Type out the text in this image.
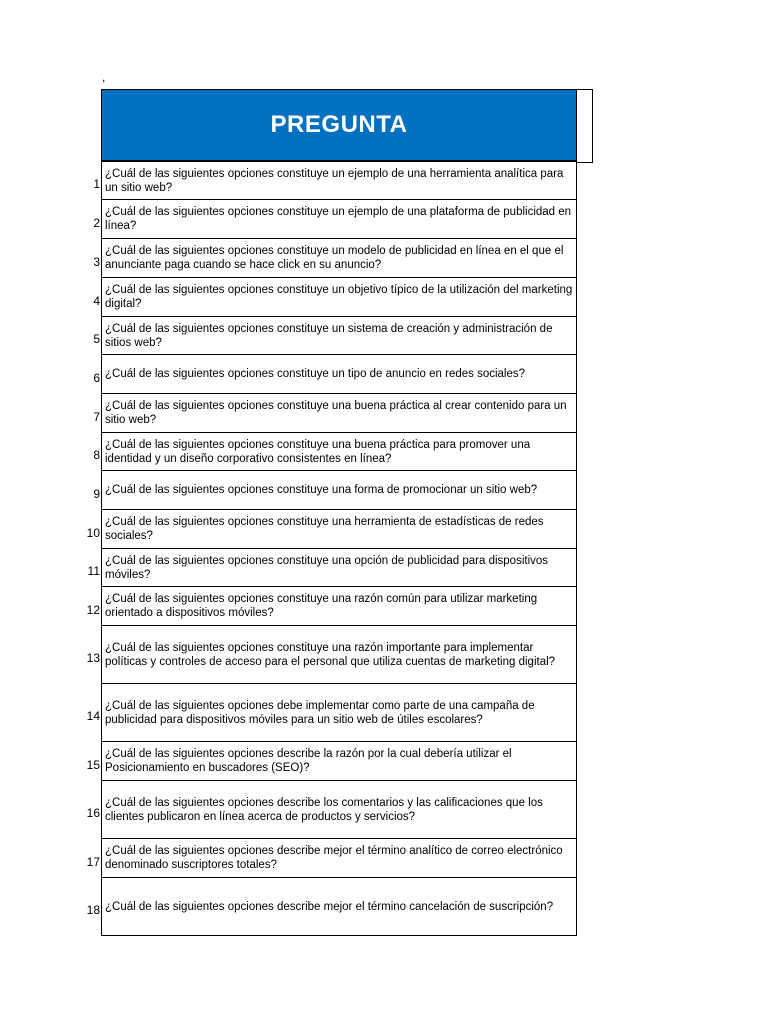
,
PREGUNTA
1
¿Cuál de las siguientes opciones constituye un ejemplo de una herramienta analítica para un sitio web?
2
¿Cuál de las siguientes opciones constituye un ejemplo de una plataforma de publicidad en línea?
3
¿Cuál de las siguientes opciones constituye un modelo de publicidad en línea en el que el anunciante paga cuando se hace click en su anuncio?
4
¿Cuál de las siguientes opciones constituye un objetivo típico de la utilización del marketing digital?
5
¿Cuál de las siguientes opciones constituye un sistema de creación y administración de sitios web?
6 ¿Cuál de las siguientes opciones constituye un tipo de anuncio en redes sociales?
7
¿Cuál de las siguientes opciones constituye una buena práctica al crear contenido para un sitio web?
8
¿Cuál de las siguientes opciones constituye una buena práctica para promover una identidad y un diseño corporativo consistentes en línea?
9 ¿Cuál de las siguientes opciones constituye una forma de promocionar un sitio web?
10
¿Cuál de las siguientes opciones constituye una herramienta de estadísticas de redes sociales?
11
¿Cuál de las siguientes opciones constituye una opción de publicidad para dispositivos móviles?
12
¿Cuál de las siguientes opciones constituye una razón común para utilizar marketing orientado a dispositivos móviles?
13
¿Cuál de las siguientes opciones constituye una razón importante para implementar políticas y controles de acceso para el personal que utiliza cuentas de marketing digital?
14
¿Cuál de las siguientes opciones debe implementar como parte de una campaña de publicidad para dispositivos móviles para un sitio web de útiles escolares?
15
¿Cuál de las siguientes opciones describe la razón por la cual debería utilizar el Posicionamiento en buscadores (SEO)?
16
¿Cuál de las siguientes opciones describe los comentarios y las calificaciones que los clientes publicaron en línea acerca de productos y servicios?
17
¿Cuál de las siguientes opciones describe mejor el término analítico de correo electrónico denominado suscriptores totales?
18 ¿Cuál de las siguientes opciones describe mejor el término cancelación de suscripción?
